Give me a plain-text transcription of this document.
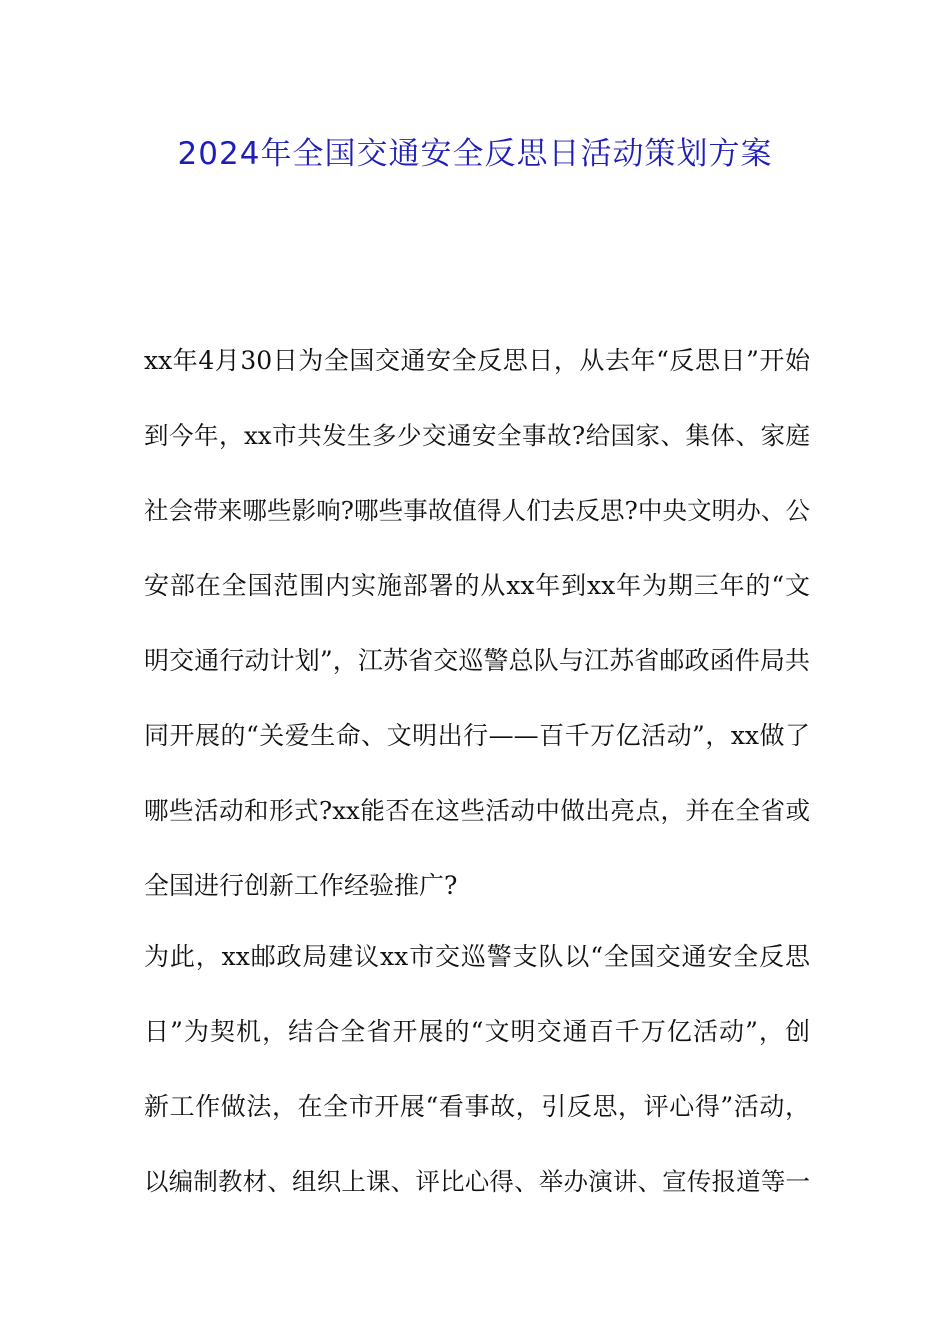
2024年全国交通安全反思日活动策划方案
xx年4月30日为全国交通安全反思日，从去年“反思日”开始
到今年，xx市共发生多少交通安全事故?给国家、集体、家庭
社会带来哪些影响?哪些事故值得人们去反思?中央文明办、公
安部在全国范围内实施部署的从xx年到xx年为期三年的“文
明交通行动计划”，江苏省交巡警总队与江苏省邮政函件局共
同开展的“关爱生命、文明出行——百千万亿活动”，xx做了
哪些活动和形式?xx能否在这些活动中做出亮点，并在全省或
全国进行创新工作经验推广?
为此，xx邮政局建议xx市交巡警支队以“全国交通安全反思
日”为契机，结合全省开展的“文明交通百千万亿活动”，创
新工作做法，在全市开展“看事故，引反思，评心得”活动，
以编制教材、组织上课、评比心得、举办演讲、宣传报道等一
